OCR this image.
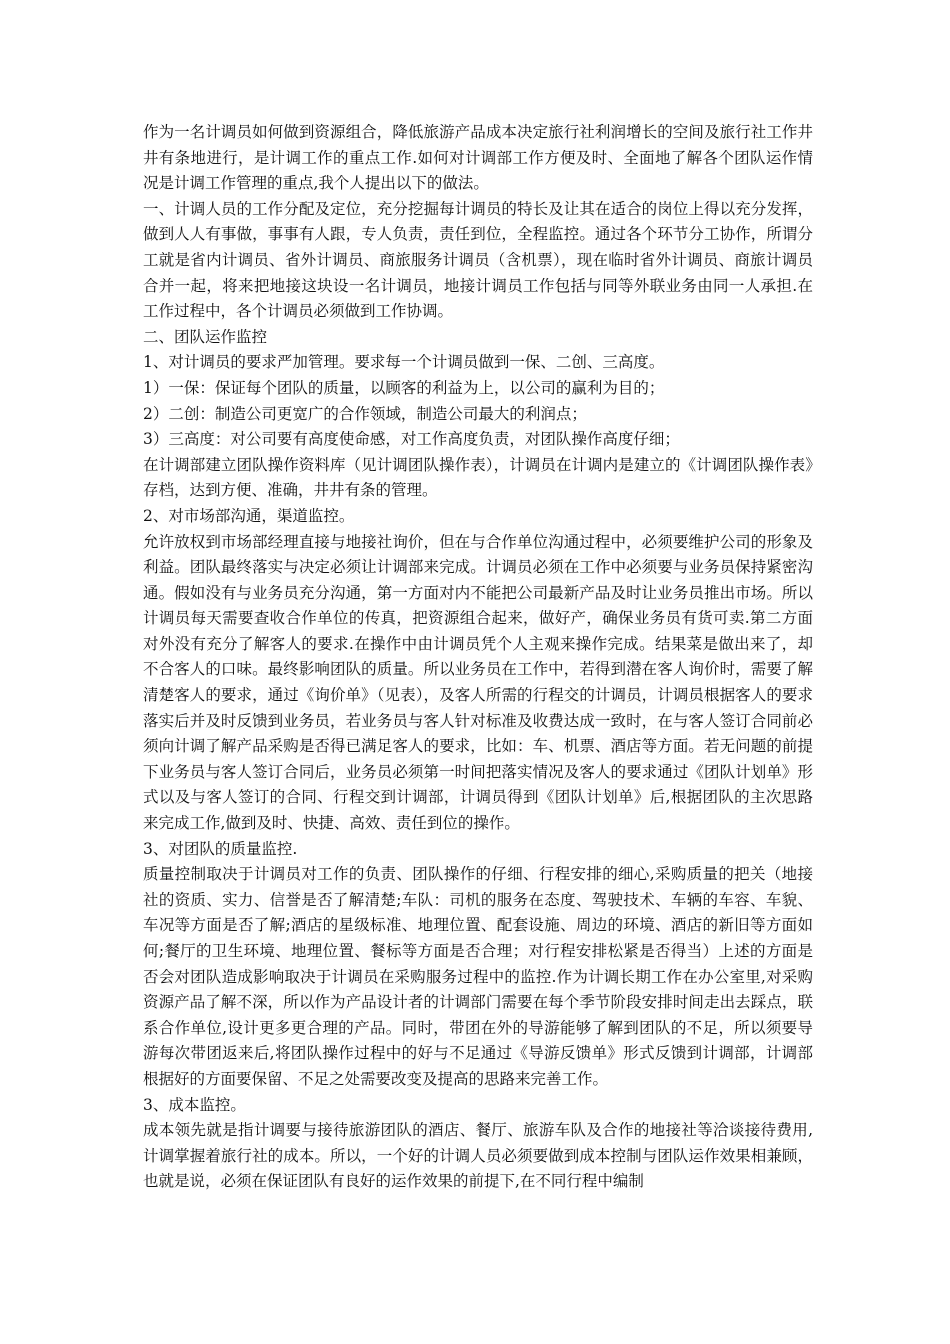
作为一名计调员如何做到资源组合，降低旅游产品成本决定旅行社利润增长的空间及旅行社工作井井有条地进行，是计调工作的重点工作.如何对计调部工作方便及时、全面地了解各个团队运作情况是计调工作管理的重点,我个人提出以下的做法。

一、计调人员的工作分配及定位，充分挖掘每计调员的特长及让其在适合的岗位上得以充分发挥，做到人人有事做，事事有人跟，专人负责，责任到位，全程监控。通过各个环节分工协作，所谓分工就是省内计调员、省外计调员、商旅服务计调员（含机票），现在临时省外计调员、商旅计调员合并一起，将来把地接这块设一名计调员，地接计调员工作包括与同等外联业务由同一人承担.在工作过程中，各个计调员必须做到工作协调。

二、团队运作监控

1、对计调员的要求严加管理。要求每一个计调员做到一保、二创、三高度。

1）一保：保证每个团队的质量，以顾客的利益为上，以公司的赢利为目的；

2）二创：制造公司更宽广的合作领域，制造公司最大的利润点；

3）三高度：对公司要有高度使命感，对工作高度负责，对团队操作高度仔细；

在计调部建立团队操作资料库（见计调团队操作表），计调员在计调内是建立的《计调团队操作表》存档，达到方便、准确，井井有条的管理。

2、对市场部沟通，渠道监控。

允许放权到市场部经理直接与地接社询价，但在与合作单位沟通过程中，必须要维护公司的形象及利益。团队最终落实与决定必须让计调部来完成。计调员必须在工作中必须要与业务员保持紧密沟通。假如没有与业务员充分沟通，第一方面对内不能把公司最新产品及时让业务员推出市场。所以计调员每天需要查收合作单位的传真，把资源组合起来，做好产，确保业务员有货可卖.第二方面对外没有充分了解客人的要求.在操作中由计调员凭个人主观来操作完成。结果菜是做出来了，却不合客人的口味。最终影响团队的质量。所以业务员在工作中，若得到潜在客人询价时，需要了解清楚客人的要求，通过《询价单》（见表），及客人所需的行程交的计调员，计调员根据客人的要求落实后并及时反馈到业务员，若业务员与客人针对标准及收费达成一致时，在与客人签订合同前必须向计调了解产品采购是否得已满足客人的要求，比如：车、机票、酒店等方面。若无问题的前提下业务员与客人签订合同后，业务员必须第一时间把落实情况及客人的要求通过《团队计划单》形式以及与客人签订的合同、行程交到计调部，计调员得到《团队计划单》后,根据团队的主次思路来完成工作,做到及时、快捷、高效、责任到位的操作。

3、对团队的质量监控.

质量控制取决于计调员对工作的负责、团队操作的仔细、行程安排的细心,采购质量的把关（地接社的资质、实力、信誉是否了解清楚;车队：司机的服务在态度、驾驶技术、车辆的车容、车貌、车况等方面是否了解;酒店的星级标准、地理位置、配套设施、周边的环境、酒店的新旧等方面如何;餐厅的卫生环境、地理位置、餐标等方面是否合理；对行程安排松紧是否得当）上述的方面是否会对团队造成影响取决于计调员在采购服务过程中的监控.作为计调长期工作在办公室里,对采购资源产品了解不深，所以作为产品设计者的计调部门需要在每个季节阶段安排时间走出去踩点，联系合作单位,设计更多更合理的产品。同时，带团在外的导游能够了解到团队的不足，所以须要导游每次带团返来后,将团队操作过程中的好与不足通过《导游反馈单》形式反馈到计调部，计调部根据好的方面要保留、不足之处需要改变及提高的思路来完善工作。

3、成本监控。

成本领先就是指计调要与接待旅游团队的酒店、餐厅、旅游车队及合作的地接社等洽谈接待费用,计调掌握着旅行社的成本。所以，一个好的计调人员必须要做到成本控制与团队运作效果相兼顾，也就是说，必须在保证团队有良好的运作效果的前提下,在不同行程中编制
